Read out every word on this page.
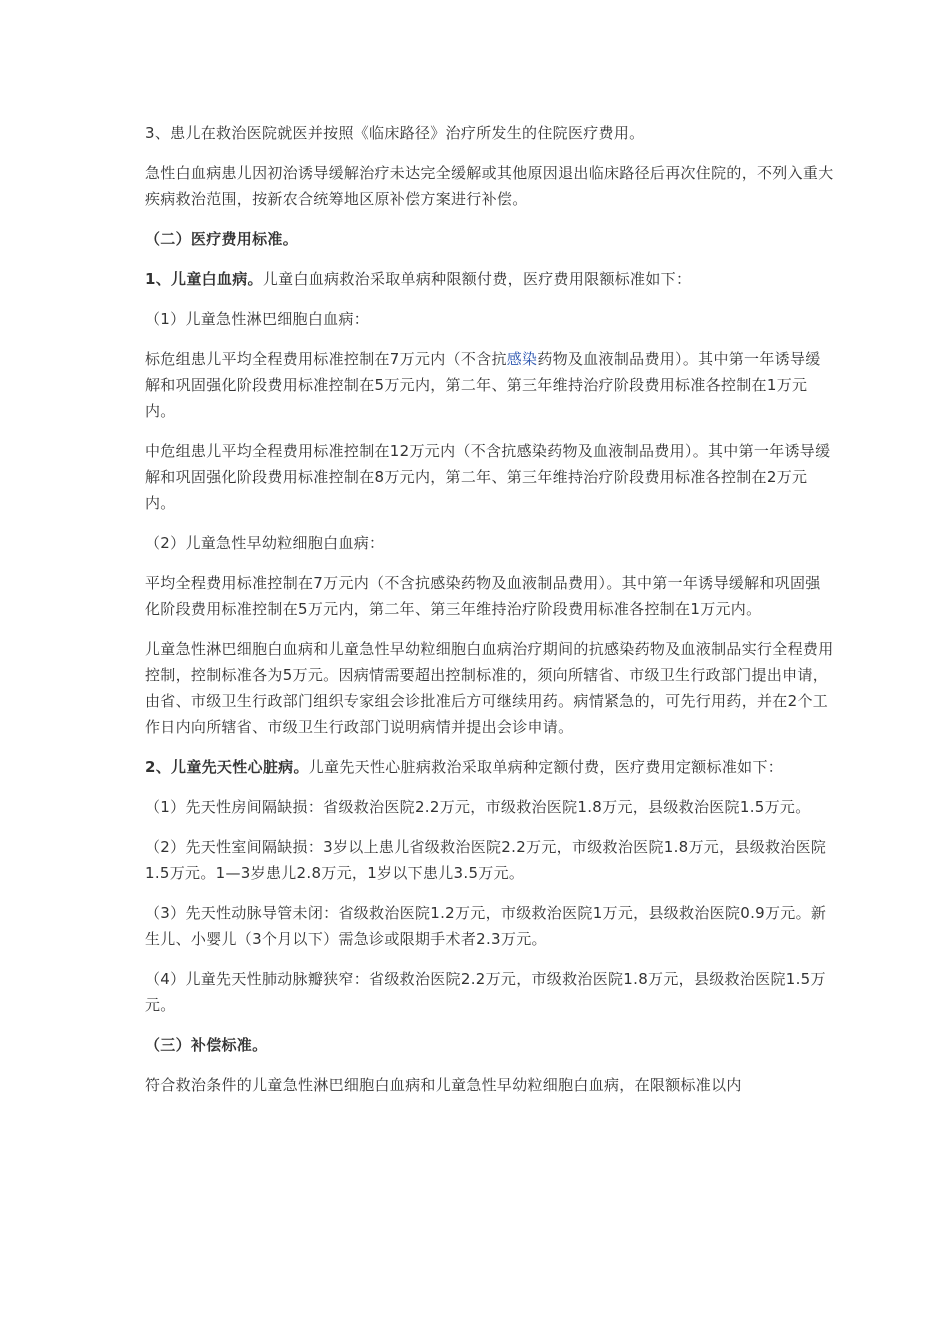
3、患儿在救治医院就医并按照《临床路径》治疗所发生的住院医疗费用。

急性白血病患儿因初治诱导缓解治疗未达完全缓解或其他原因退出临床路径后再次住院的，不列入重大疾病救治范围，按新农合统筹地区原补偿方案进行补偿。

（二）医疗费用标准。

1、儿童白血病。儿童白血病救治采取单病种限额付费，医疗费用限额标准如下：

（1）儿童急性淋巴细胞白血病：

标危组患儿平均全程费用标准控制在7万元内（不含抗感染药物及血液制品费用）。其中第一年诱导缓解和巩固强化阶段费用标准控制在5万元内，第二年、第三年维持治疗阶段费用标准各控制在1万元内。

中危组患儿平均全程费用标准控制在12万元内（不含抗感染药物及血液制品费用）。其中第一年诱导缓解和巩固强化阶段费用标准控制在8万元内，第二年、第三年维持治疗阶段费用标准各控制在2万元内。

（2）儿童急性早幼粒细胞白血病：

平均全程费用标准控制在7万元内（不含抗感染药物及血液制品费用）。其中第一年诱导缓解和巩固强化阶段费用标准控制在5万元内，第二年、第三年维持治疗阶段费用标准各控制在1万元内。

儿童急性淋巴细胞白血病和儿童急性早幼粒细胞白血病治疗期间的抗感染药物及血液制品实行全程费用控制，控制标准各为5万元。因病情需要超出控制标准的，须向所辖省、市级卫生行政部门提出申请，由省、市级卫生行政部门组织专家组会诊批准后方可继续用药。病情紧急的，可先行用药，并在2个工作日内向所辖省、市级卫生行政部门说明病情并提出会诊申请。

2、儿童先天性心脏病。儿童先天性心脏病救治采取单病种定额付费，医疗费用定额标准如下：

（1）先天性房间隔缺损：省级救治医院2.2万元，市级救治医院1.8万元，县级救治医院1.5万元。

（2）先天性室间隔缺损：3岁以上患儿省级救治医院2.2万元，市级救治医院1.8万元，县级救治医院1.5万元。1—3岁患儿2.8万元，1岁以下患儿3.5万元。

（3）先天性动脉导管未闭：省级救治医院1.2万元，市级救治医院1万元，县级救治医院0.9万元。新生儿、小婴儿（3个月以下）需急诊或限期手术者2.3万元。

（4）儿童先天性肺动脉瓣狭窄：省级救治医院2.2万元，市级救治医院1.8万元，县级救治医院1.5万元。

（三）补偿标准。

符合救治条件的儿童急性淋巴细胞白血病和儿童急性早幼粒细胞白血病，在限额标准以内
